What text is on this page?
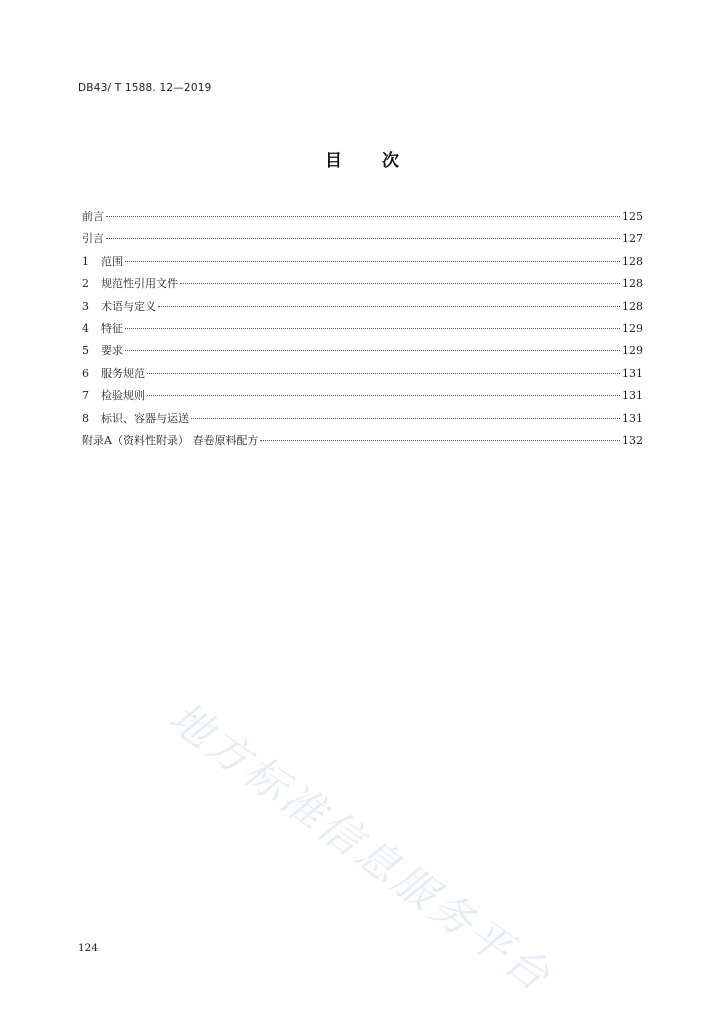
DB43/ T 1588. 12—2019
目次
前言	125
引言	127
1	范围	128
2	规范性引用文件	128
3	术语与定义	128
4	特征	129
5	要求	129
6	服务规范	131
7	检验规则	131
8	标识、容器与运送	131
附录A（资料性附录） 春卷原料配方	132
地方标准信息服务平台
124
